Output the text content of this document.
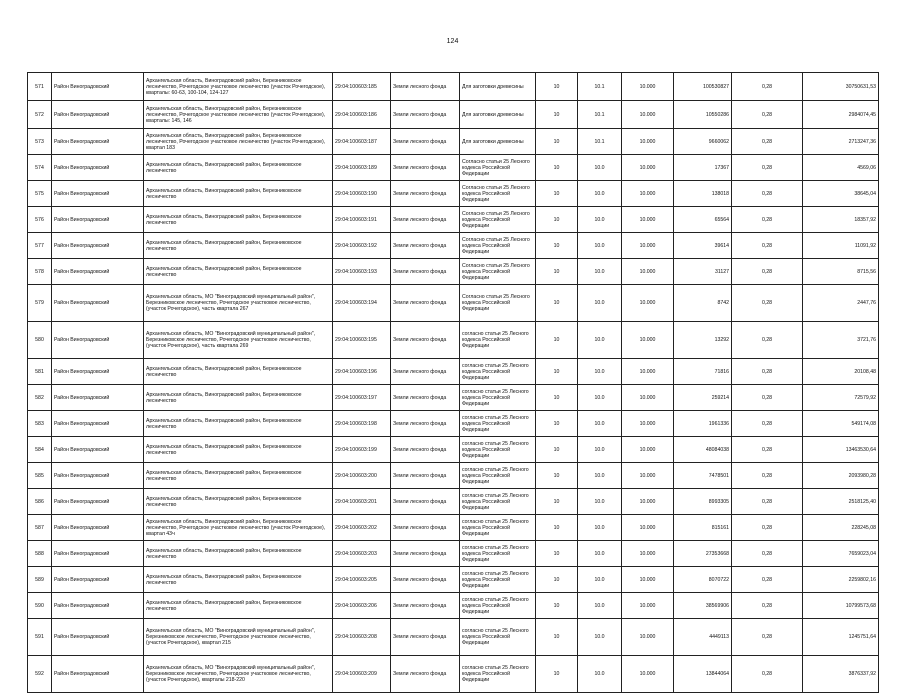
124
571	Район Виноградовский	Архангельская область, Виноградовский район, Березниковское лесничество, Рочегодское участковое лесничество (участок Рочегодское), кварталы: 60-63, 100-104, 124-127	29:04:100603:185	Земли лесного фонда	Для заготовки древесины	10	10.1	10.000	100530827	0,28	30750631,53
572	Район Виноградовский	Архангельская область, Виноградовский район, Березниковское лесничество, Рочегодское участковое лесничество (участок Рочегодское), кварталы: 145, 146	29:04:100603:186	Земли лесного фонда	Для заготовки древесины	10	10.1	10.000	10550286	0,28	2984074,45
573	Район Виноградовский	Архангельская область, Виноградовский район, Березниковское лесничество, Рочегодское участковое лесничество (участок Рочегодское), квартал 183	29:04:100603:187	Земли лесного фонда	Для заготовки древесины	10	10.1	10.000	9660062	0,28	2713247,36
574	Район Виноградовский	Архангельская область, Виноградовский район, Березниковское лесничество	29:04:100603:189	Земли лесного фонда	Согласно статьи 25 Лесного кодекса Российской Федерации	10	10.0	10.000	17367	0,28	4569,06
575	Район Виноградовский	Архангельская область, Виноградовский район, Березниковское лесничество	29:04:100603:190	Земли лесного фонда	Согласно статьи 25 Лесного кодекса Российской Федерации	10	10.0	10.000	138018	0,28	38645,04
576	Район Виноградовский	Архангельская область, Виноградовский район, Березниковское лесничество	29:04:100603:191	Земли лесного фонда	Согласно статьи 25 Лесного кодекса Российской Федерации	10	10.0	10.000	65564	0,28	18357,92
577	Район Виноградовский	Архангельская область, Виноградовский район, Березниковское лесничество	29:04:100603:192	Земли лесного фонда	Согласно статьи 25 Лесного кодекса Российской Федерации	10	10.0	10.000	39614	0,28	11091,92
578	Район Виноградовский	Архангельская область, Виноградовский район, Березниковское лесничество	29:04:100603:193	Земли лесного фонда	Согласно статьи 25 Лесного кодекса Российской Федерации	10	10.0	10.000	31127	0,28	8715,56
579	Район Виноградовский	Архангельская область, МО "Виноградовский муниципальный район", Березниковское лесничество, Рочегодское участковое лесничество, (участок Рочегодское), часть квартала 267	29:04:100603:194	Земли лесного фонда	Согласно статьи 25 Лесного кодекса Российской Федерации	10	10.0	10.000	8742	0,28	2447,76
580	Район Виноградовский	Архангельская область, МО "Виноградовский муниципальный район", Березниковское лесничество, Рочегодское участковое лесничество, (участок Рочегодское), часть квартала 269	29:04:100603:195	Земли лесного фонда	согласно статьи 25 Лесного кодекса Российской Федерации	10	10.0	10.000	13292	0,28	3721,76
581	Район Виноградовский	Архангельская область, Виноградовский район, Березниковское лесничество	29:04:100603:196	Земли лесного фонда	согласно статьи 25 Лесного кодекса Российской Федерации	10	10.0	10.000	71816	0,28	20108,48
582	Район Виноградовский	Архангельская область, Виноградовский район, Березниковское лесничество	29:04:100603:197	Земли лесного фонда	согласно статьи 25 Лесного кодекса Российской Федерации	10	10.0	10.000	259214	0,28	72579,92
583	Район Виноградовский	Архангельская область, Виноградовский район, Березниковское лесничество	29:04:100603:198	Земли лесного фонда	согласно статьи 25 Лесного кодекса Российской Федерации	10	10.0	10.000	1961336	0,28	549174,08
584	Район Виноградовский	Архангельская область, Виноградовский район, Березниковское лесничество	29:04:100603:199	Земли лесного фонда	согласно статьи 25 Лесного кодекса Российской Федерации	10	10.0	10.000	48084038	0,28	13463530,64
585	Район Виноградовский	Архангельская область, Виноградовский район, Березниковское лесничество	29:04:100603:200	Земли лесного фонда	согласно статьи 25 Лесного кодекса Российской Федерации	10	10.0	10.000	7478501	0,28	2093980,28
586	Район Виноградовский	Архангельская область, Виноградовский район, Березниковское лесничество	29:04:100603:201	Земли лесного фонда	согласно статьи 25 Лесного кодекса Российской Федерации	10	10.0	10.000	8993305	0,28	2518125,40
587	Район Виноградовский	Архангельская область, Виноградовский район, Березниковское лесничество, Рочегодское участковое лесничество (участок Рочегодское), квартал 43ч	29:04:100603:202	Земли лесного фонда	согласно статьи 25 Лесного кодекса Российской Федерации	10	10.0	10.000	815161	0,28	228245,08
588	Район Виноградовский	Архангельская область, Виноградовский район, Березниковское лесничество	29:04:100603:203	Земли лесного фонда	согласно статьи 25 Лесного кодекса Российской Федерации	10	10.0	10.000	27353668	0,28	7659023,04
589	Район Виноградовский	Архангельская область, Виноградовский район, Березниковское лесничество	29:04:100603:205	Земли лесного фонда	согласно статьи 25 Лесного кодекса Российской Федерации	10	10.0	10.000	8070722	0,28	2259802,16
590	Район Виноградовский	Архангельская область, Виноградовский район, Березниковское лесничество	29:04:100603:206	Земли лесного фонда	согласно статьи 25 Лесного кодекса Российской Федерации	10	10.0	10.000	38569906	0,28	10799573,68
591	Район Виноградовский	Архангельская область, МО "Виноградовский муниципальный район", Березниковское лесничество, Рочегодское участковое лесничество, (участок Рочегодское), квартал 215	29:04:100603:208	Земли лесного фонда	согласно статьи 25 Лесного кодекса Российской Федерации	10	10.0	10.000	4449113	0,28	1245751,64
592	Район Виноградовский	Архангельская область, МО "Виноградовский муниципальный район", Березниковское лесничество, Рочегодское участковое лесничество, (участок Рочегодское), кварталы 218-220	29:04:100603:209	Земли лесного фонда	согласно статьи 25 Лесного кодекса Российской Федерации	10	10.0	10.000	13844064	0,28	3876337,92
